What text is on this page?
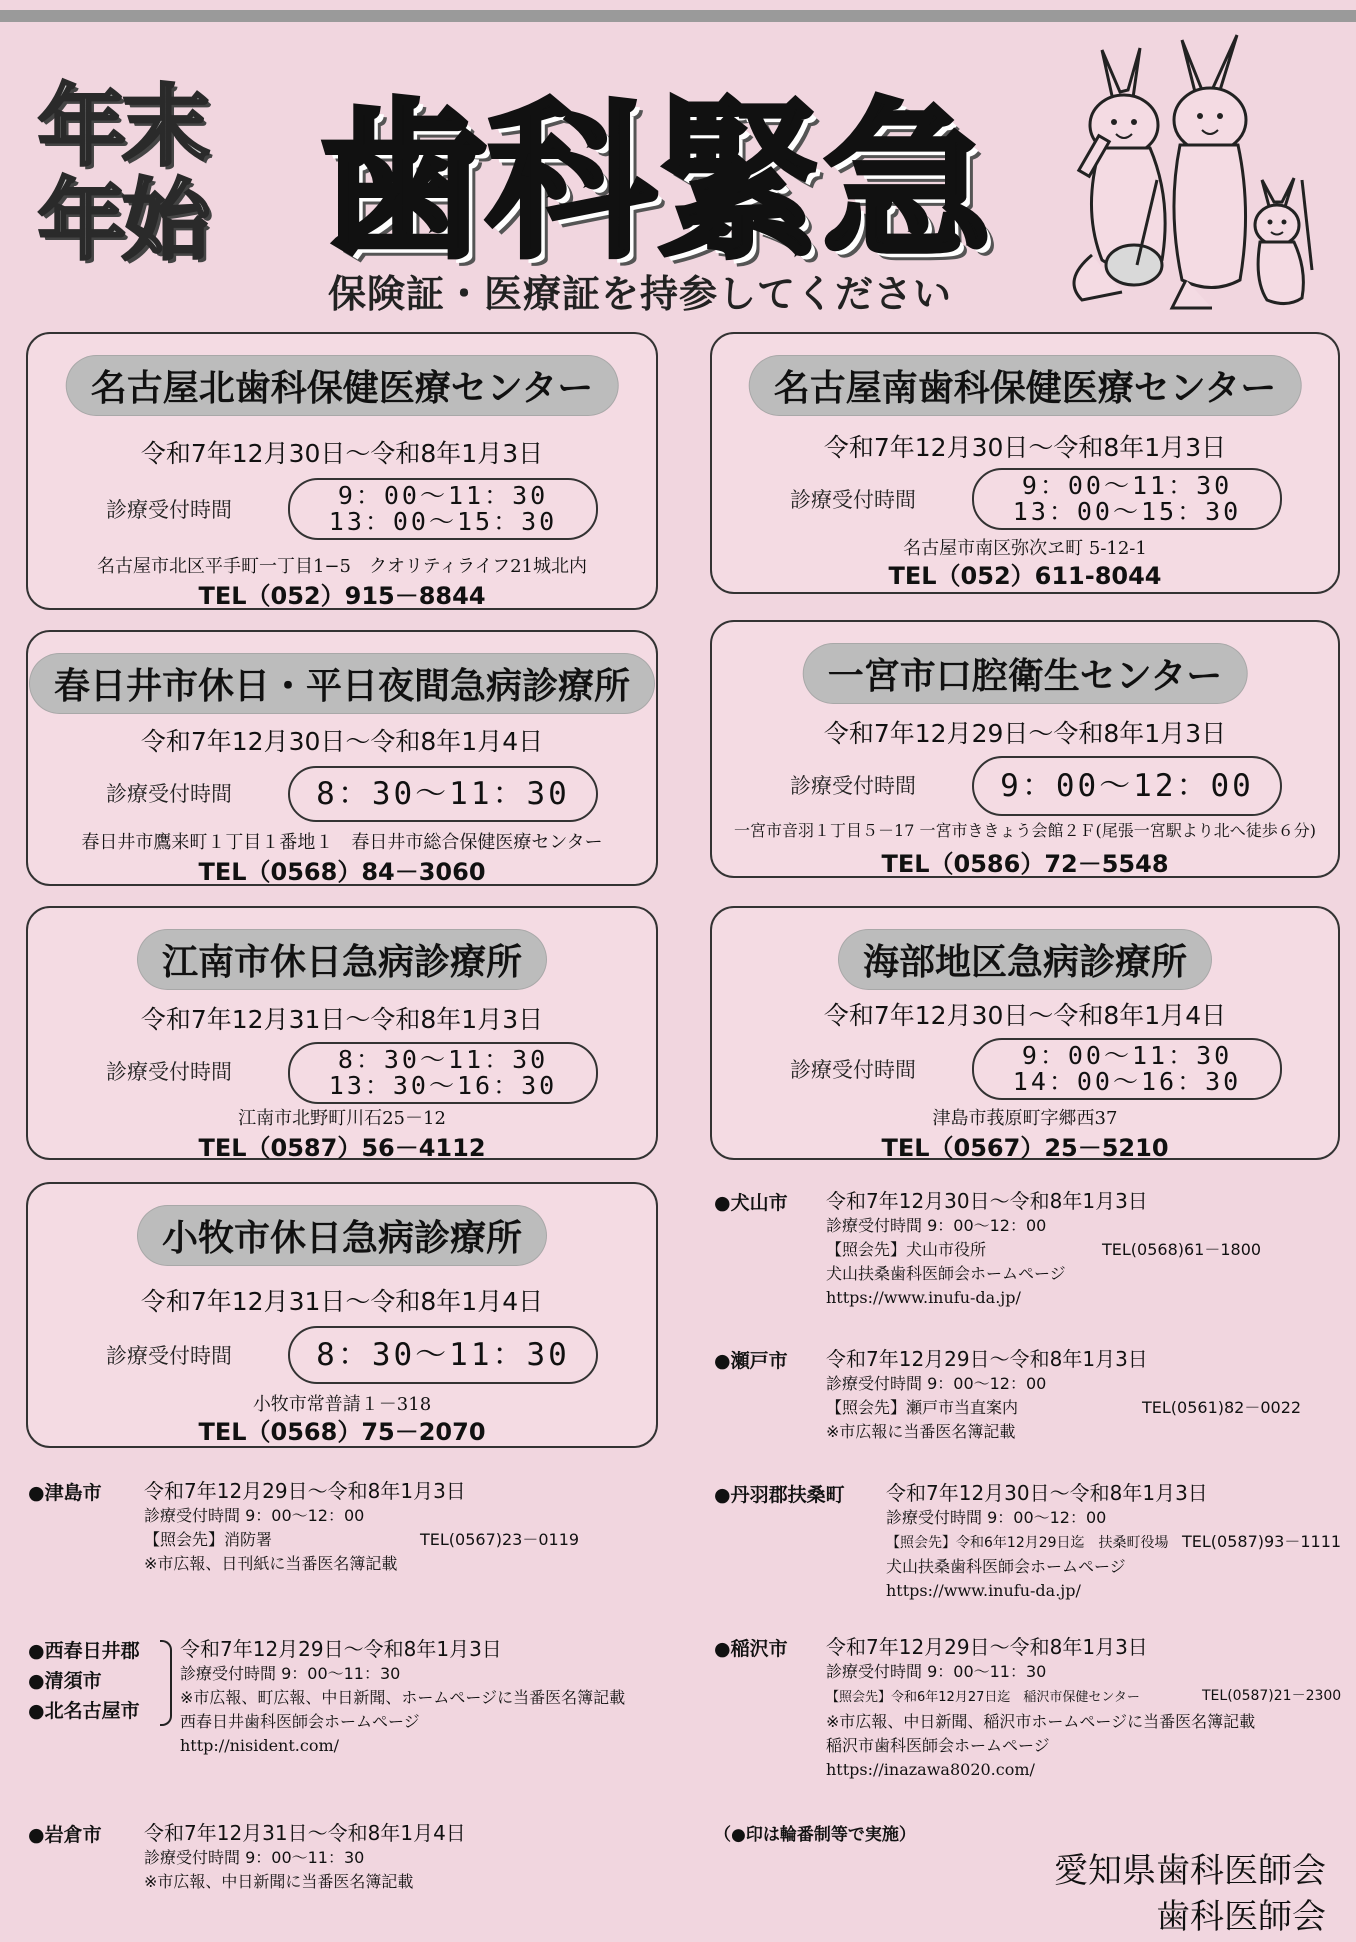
年末
年始 歯科緊急
保険証・医療証を持参してください
名古屋北歯科保健医療センター
令和7年12月30日～令和8年1月3日
診療受付時間	9：00～11：30
13：00～15：30
名古屋市北区平手町一丁目1−5　クオリティライフ21城北内
TEL（052）915－8844
名古屋南歯科保健医療センター
令和7年12月30日～令和8年1月3日
診療受付時間	9：00～11：30
13：00～15：30
名古屋市南区弥次ヱ町 5-12-1
TEL（052）611-8044
春日井市休日・平日夜間急病診療所
令和7年12月30日～令和8年1月4日
診療受付時間	8：30～11：30
春日井市鷹来町１丁目１番地１　春日井市総合保健医療センター
TEL（0568）84－3060
一宮市口腔衛生センター
令和7年12月29日～令和8年1月3日
診療受付時間	9：00～12：00
一宮市音羽１丁目５－17 一宮市ききょう会館２Ｆ(尾張一宮駅より北へ徒歩６分)
TEL（0586）72－5548
江南市休日急病診療所
令和7年12月31日～令和8年1月3日
診療受付時間	8：30～11：30
13：30～16：30
江南市北野町川石25－12
TEL（0587）56－4112
海部地区急病診療所
令和7年12月30日～令和8年1月4日
診療受付時間	9：00～11：30
14：00～16：30
津島市莪原町字郷西37
TEL（0567）25－5210
小牧市休日急病診療所
令和7年12月31日～令和8年1月4日
診療受付時間	8：30～11：30
小牧市常普請１－318
TEL（0568）75－2070
●犬山市 令和7年12月30日～令和8年1月3日
診療受付時間 9：00～12：00
【照会先】犬山市役所	TEL(0568)61－1800
犬山扶桑歯科医師会ホームページ
https://www.inufu-da.jp/
●瀬戸市 令和7年12月29日～令和8年1月3日
診療受付時間 9：00～12：00
【照会先】瀬戸市当直案内	TEL(0561)82－0022
※市広報に当番医名簿記載
●丹羽郡扶桑町 令和7年12月30日～令和8年1月3日
診療受付時間 9：00～12：00
【照会先】令和6年12月29日迄　扶桑町役場 TEL(0587)93－1111
犬山扶桑歯科医師会ホームページ
https://www.inufu-da.jp/
●稲沢市 令和7年12月29日～令和8年1月3日
診療受付時間 9：00～11：30
【照会先】令和6年12月27日迄　稲沢市保健センター	TEL(0587)21－2300
※市広報、中日新聞、稲沢市ホームページに当番医名簿記載
稲沢市歯科医師会ホームページ
https://inazawa8020.com/
（●印は輪番制等で実施）
●津島市 令和7年12月29日～令和8年1月3日
診療受付時間 9：00～12：00
【照会先】消防署	TEL(0567)23－0119
※市広報、日刊紙に当番医名簿記載
●西春日井郡
●清須市
●北名古屋市
令和7年12月29日～令和8年1月3日
診療受付時間 9：00～11：30
※市広報、町広報、中日新聞、ホームページに当番医名簿記載
西春日井歯科医師会ホームページ
http://nisident.com/
●岩倉市 令和7年12月31日～令和8年1月4日
診療受付時間 9：00～11：30
※市広報、中日新聞に当番医名簿記載	愛知県歯科医師会
歯科医師会
